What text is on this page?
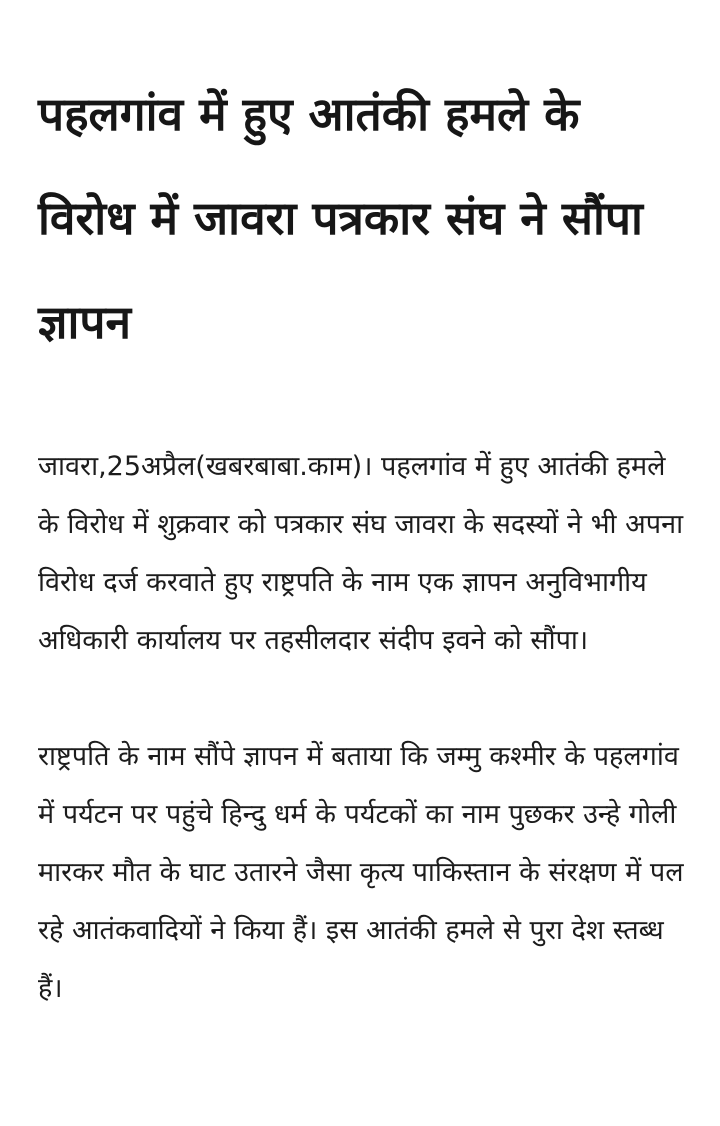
पहलगांव में हुए आतंकी हमले के विरोध में जावरा पत्रकार संघ ने सौंपा ज्ञापन

जावरा,25अप्रैल(खबरबाबा.काम)। पहलगांव में हुए आतंकी हमले के विरोध में शुक्रवार को पत्रकार संघ जावरा के सदस्यों ने भी अपना विरोध दर्ज करवाते हुए राष्ट्रपति के नाम एक ज्ञापन अनुविभागीय अधिकारी कार्यालय पर तहसीलदार संदीप इवने को सौंपा।

राष्ट्रपति के नाम सौंपे ज्ञापन में बताया कि जम्मु कश्मीर के पहलगांव में पर्यटन पर पहुंचे हिन्दु धर्म के पर्यटकों का नाम पुछकर उन्हे गोली मारकर मौत के घाट उतारने जैसा कृत्य पाकिस्तान के संरक्षण में पल रहे आतंकवादियों ने किया हैं। इस आतंकी हमले से पुरा देश स्तब्ध हैं।
